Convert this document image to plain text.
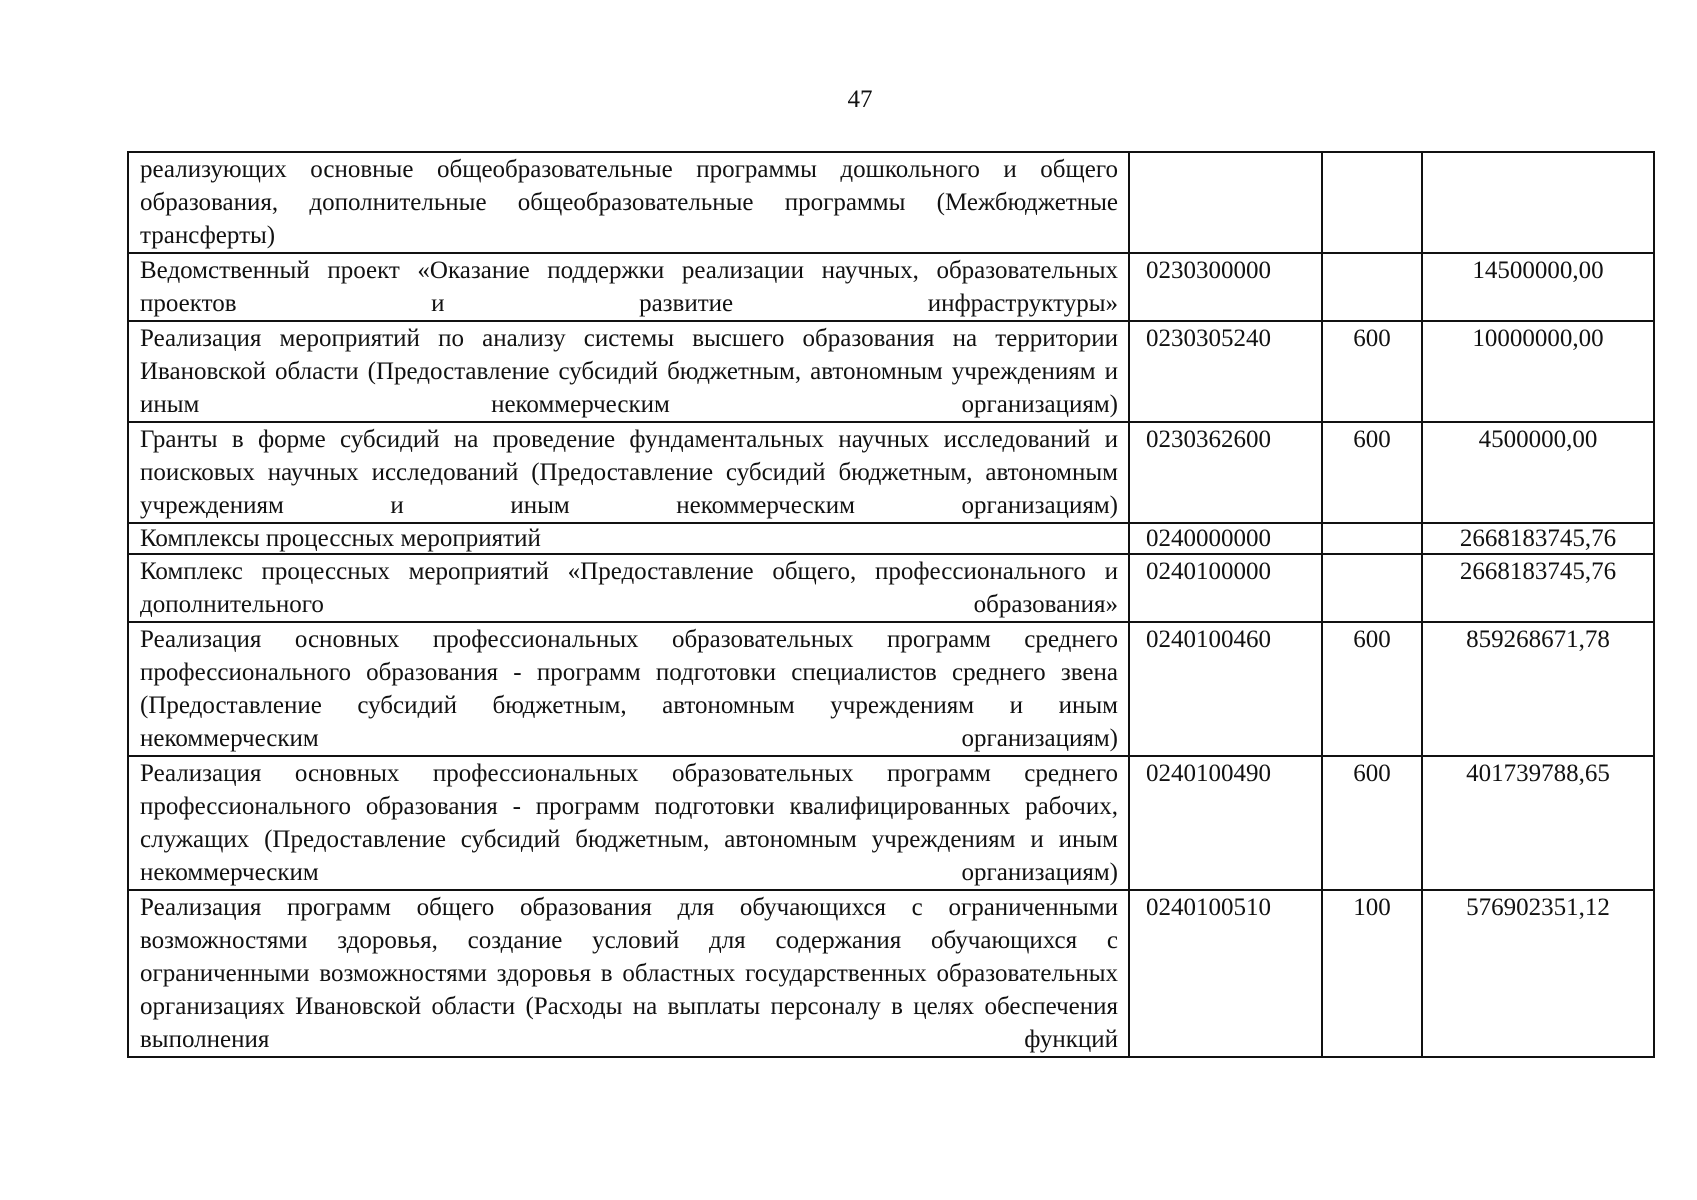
47
реализующих основные общеобразовательные программы дошкольного и общего образования, дополнительные общеобразовательные программы (Межбюджетные трансферты)			
Ведомственный проект «Оказание поддержки реализации научных, образовательных проектов и развитие инфраструктуры»	0230300000		14500000,00
Реализация мероприятий по анализу системы высшего образования на территории Ивановской области (Предоставление субсидий бюджетным, автономным учреждениям и иным некоммерческим организациям)	0230305240	600	10000000,00
Гранты в форме субсидий на проведение фундаментальных научных исследований и поисковых научных исследований (Предоставление субсидий бюджетным, автономным учреждениям и иным некоммерческим организациям)	0230362600	600	4500000,00
Комплексы процессных мероприятий	0240000000		2668183745,76
Комплекс процессных мероприятий «Предоставление общего, профессионального и дополнительного образования»	0240100000		2668183745,76
Реализация основных профессиональных образовательных программ среднего профессионального образования - программ подготовки специалистов среднего звена (Предоставление субсидий бюджетным, автономным учреждениям и иным некоммерческим организациям)	0240100460	600	859268671,78
Реализация основных профессиональных образовательных программ среднего профессионального образования - программ подготовки квалифицированных рабочих, служащих (Предоставление субсидий бюджетным, автономным учреждениям и иным некоммерческим организациям)	0240100490	600	401739788,65
Реализация программ общего образования для обучающихся с ограниченными возможностями здоровья, создание условий для содержания обучающихся с ограниченными возможностями здоровья в областных государственных образовательных организациях Ивановской области (Расходы на выплаты персоналу в целях обеспечения выполнения функций	0240100510	100	576902351,12
